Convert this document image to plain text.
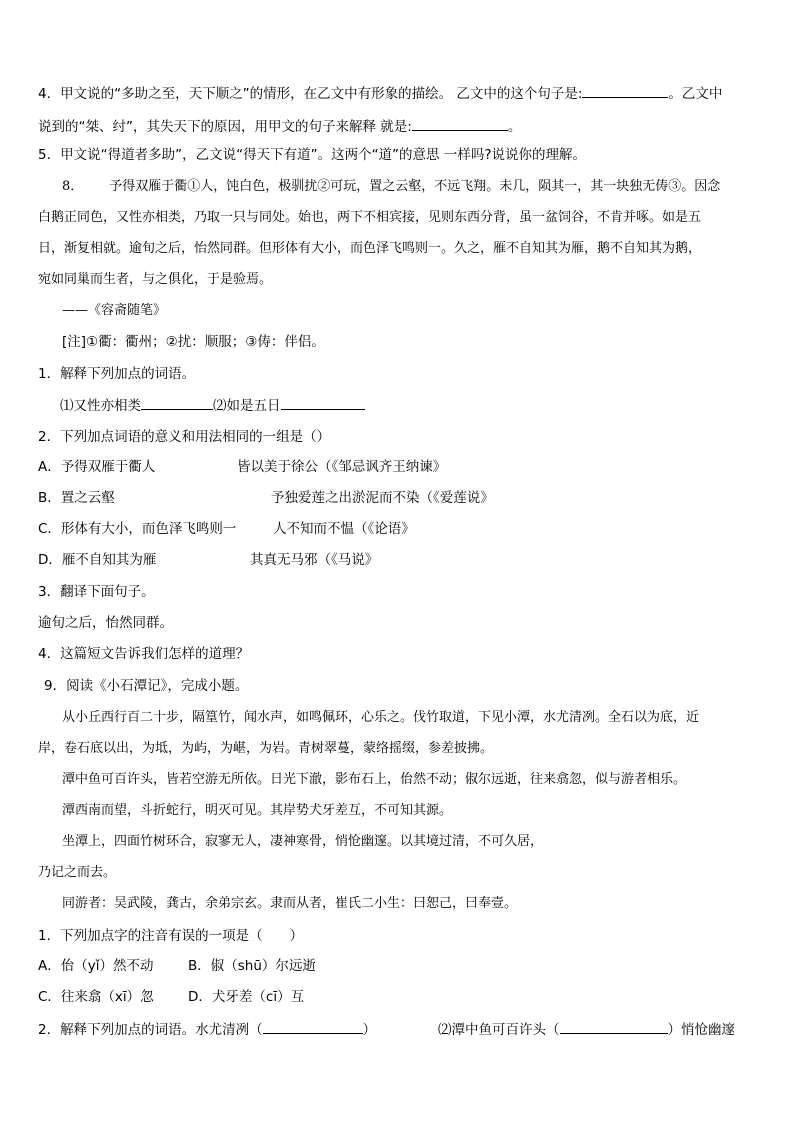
4．甲文说的“多助之至，天下顺之”的情形，在乙文中有形象的描绘。 乙文中的这个句子是:	。乙文中
说到的“桀、纣”，其失天下的原因，用甲文的句子来解释 就是:	。
5．甲文说“得道者多助”，乙文说“得天下有道”。这两个“道”的意思 一样吗?说说你的理解。
8． 予得双雁于衢①人，饨白色，极驯扰②可玩，置之云壑，不远飞翔。未几，陨其一，其一块独无俦③。因念
白鹅正同色，又性亦相类，乃取一只与同处。始也，两下不相宾接，见则东西分背，虽一盆饲谷，不肯并啄。如是五
日，渐复相就。逾旬之后，怡然同群。但形体有大小，而色泽飞鸣则一。久之，雁不自知其为雁，鹅不自知其为鹅，
宛如同巢而生者，与之俱化，于是验焉。
——《容斋随笔》
[注]①衢：衢州；②扰：顺服；③俦：伴侣。
1．解释下列加点的词语。
⑴又性亦相类	⑵如是五日
2．下列加点词语的意义和用法相同的一组是（）
A．予得双雁于衢人	皆以美于徐公（《邹忌讽齐王纳谏》
B．置之云壑	予独爱莲之出淤泥而不染（《爱莲说》
C．形体有大小，而色泽飞鸣则一	人不知而不愠（《论语》
D．雁不自知其为雁	其真无马邪（《马说》
3．翻译下面句子。
逾旬之后，怡然同群。
4．这篇短文告诉我们怎样的道理？
9．阅读《小石潭记》，完成小题。
从小丘西行百二十步，隔篁竹，闻水声，如鸣佩环，心乐之。伐竹取道，下见小潭，水尤清冽。全石以为底，近
岸，卷石底以出，为坻，为屿，为嵁，为岩。青树翠蔓，蒙络摇缀，参差披拂。
潭中鱼可百许头，皆若空游无所依。日光下澈，影布石上，佁然不动；俶尔远逝，往来翕忽，似与游者相乐。
潭西南而望，斗折蛇行，明灭可见。其岸势犬牙差互，不可知其源。
坐潭上，四面竹树环合，寂寥无人，凄神寒骨，悄怆幽邃。以其境过清，不可久居，
乃记之而去。
同游者：吴武陵，龚古，余弟宗玄。隶而从者，崔氏二小生：曰恕己，曰奉壹。
1．下列加点字的注音有误的一项是（　　）
A．佁（yǐ）然不动	B．俶（shū）尔远逝
C．往来翕（xī）忽	D．犬牙差（cī）互
2．解释下列加点的词语。水尤清冽（	）	⑵潭中鱼可百许头（	）悄怆幽邃
